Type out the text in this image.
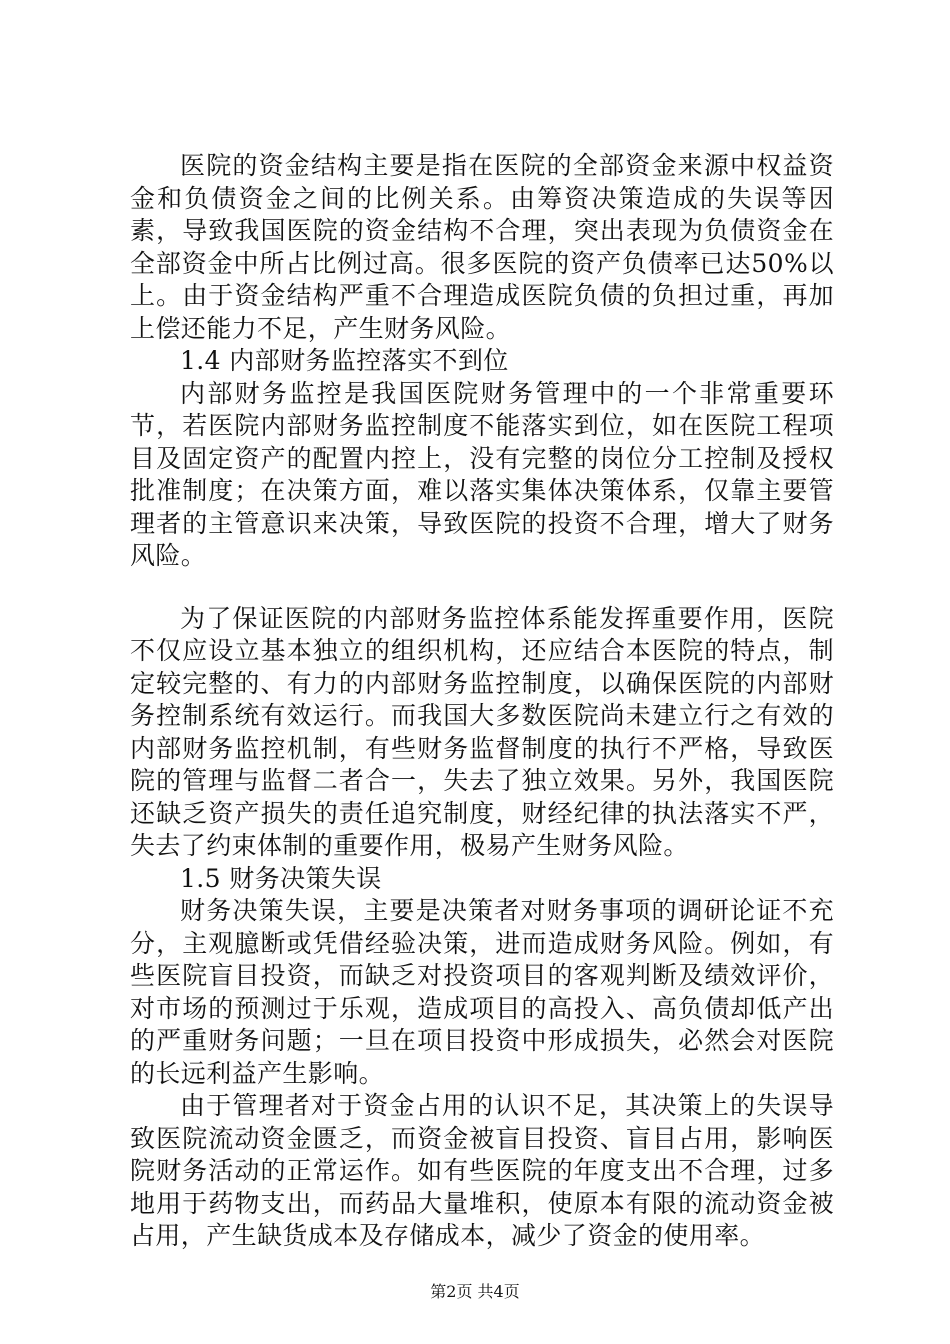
医院的资金结构主要是指在医院的全部资金来源中权益资金和负债资金之间的比例关系。由筹资决策造成的失误等因素，导致我国医院的资金结构不合理，突出表现为负债资金在全部资金中所占比例过高。很多医院的资产负债率已达50%以上。由于资金结构严重不合理造成医院负债的负担过重，再加上偿还能力不足，产生财务风险。

1.4 内部财务监控落实不到位

内部财务监控是我国医院财务管理中的一个非常重要环节，若医院内部财务监控制度不能落实到位，如在医院工程项目及固定资产的配置内控上，没有完整的岗位分工控制及授权批准制度；在决策方面，难以落实集体决策体系，仅靠主要管理者的主管意识来决策，导致医院的投资不合理，增大了财务风险。

为了保证医院的内部财务监控体系能发挥重要作用，医院不仅应设立基本独立的组织机构，还应结合本医院的特点，制定较完整的、有力的内部财务监控制度，以确保医院的内部财务控制系统有效运行。而我国大多数医院尚未建立行之有效的内部财务监控机制，有些财务监督制度的执行不严格，导致医院的管理与监督二者合一，失去了独立效果。另外，我国医院还缺乏资产损失的责任追究制度，财经纪律的执法落实不严，失去了约束体制的重要作用，极易产生财务风险。

1.5 财务决策失误

财务决策失误，主要是决策者对财务事项的调研论证不充分，主观臆断或凭借经验决策，进而造成财务风险。例如，有些医院盲目投资，而缺乏对投资项目的客观判断及绩效评价，对市场的预测过于乐观，造成项目的高投入、高负债却低产出的严重财务问题；一旦在项目投资中形成损失，必然会对医院的长远利益产生影响。

由于管理者对于资金占用的认识不足，其决策上的失误导致医院流动资金匮乏，而资金被盲目投资、盲目占用，影响医院财务活动的正常运作。如有些医院的年度支出不合理，过多地用于药物支出，而药品大量堆积，使原本有限的流动资金被占用，产生缺货成本及存储成本，减少了资金的使用率。

第2页 共4页
